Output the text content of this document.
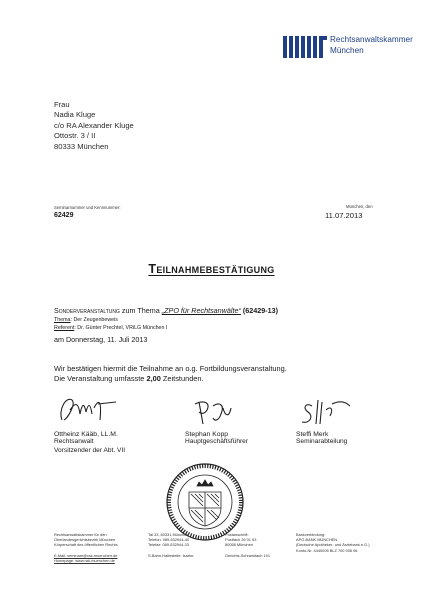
Rechtsanwaltskammer
München
Frau
Nadia Kluge
c/o RA Alexander Kluge
Ottostr. 3 / II
80333 München
Seminarnummer und Kennnummer:
62429
München, den
11.07.2013
Teilnahmebestätigung
Sonderveranstaltung zum Thema „ZPO für Rechtsanwälte“ (62429-13)
Thema: Der Zeugenbeweis
Referent: Dr. Günter Prechtel, VRiLG München I
am Donnerstag, 11. Juli 2013
Wir bestätigen hiermit die Teilnahme an o.g. Fortbildungsveranstaltung.
Die Veranstaltung umfasste 2,00 Zeitstunden.
Ottheinz Kääb, LL.M.
Rechtsanwalt
Vorsitzender der Abt. VII
Stephan Kopp
Hauptgeschäftsführer
Steffi Merk
Seminarabteilung
Rechtsanwaltskammer für den
Oberlandesgerichtsbezirk München
Körperschaft des öffentlichen Rechts
E-Mail: seminare@rak-muenchen.de
Homepage: www.rak-muenchen.de
Tal 33, 80331 München
Telefon: 089-532944-40
Telefax: 089-532944-33
S-Bahn-Haltestelle: Isartor
Postanschrift:
Postfach 26 01 63
80058 München
Gerichts-Schrankfach 191
Bankverbindung:
APO-BANK MÜNCHEN
(Deutsche Apotheker- und Ärztebank e.G.)
Konto-Nr. 4440005 BLZ 700 906 06
